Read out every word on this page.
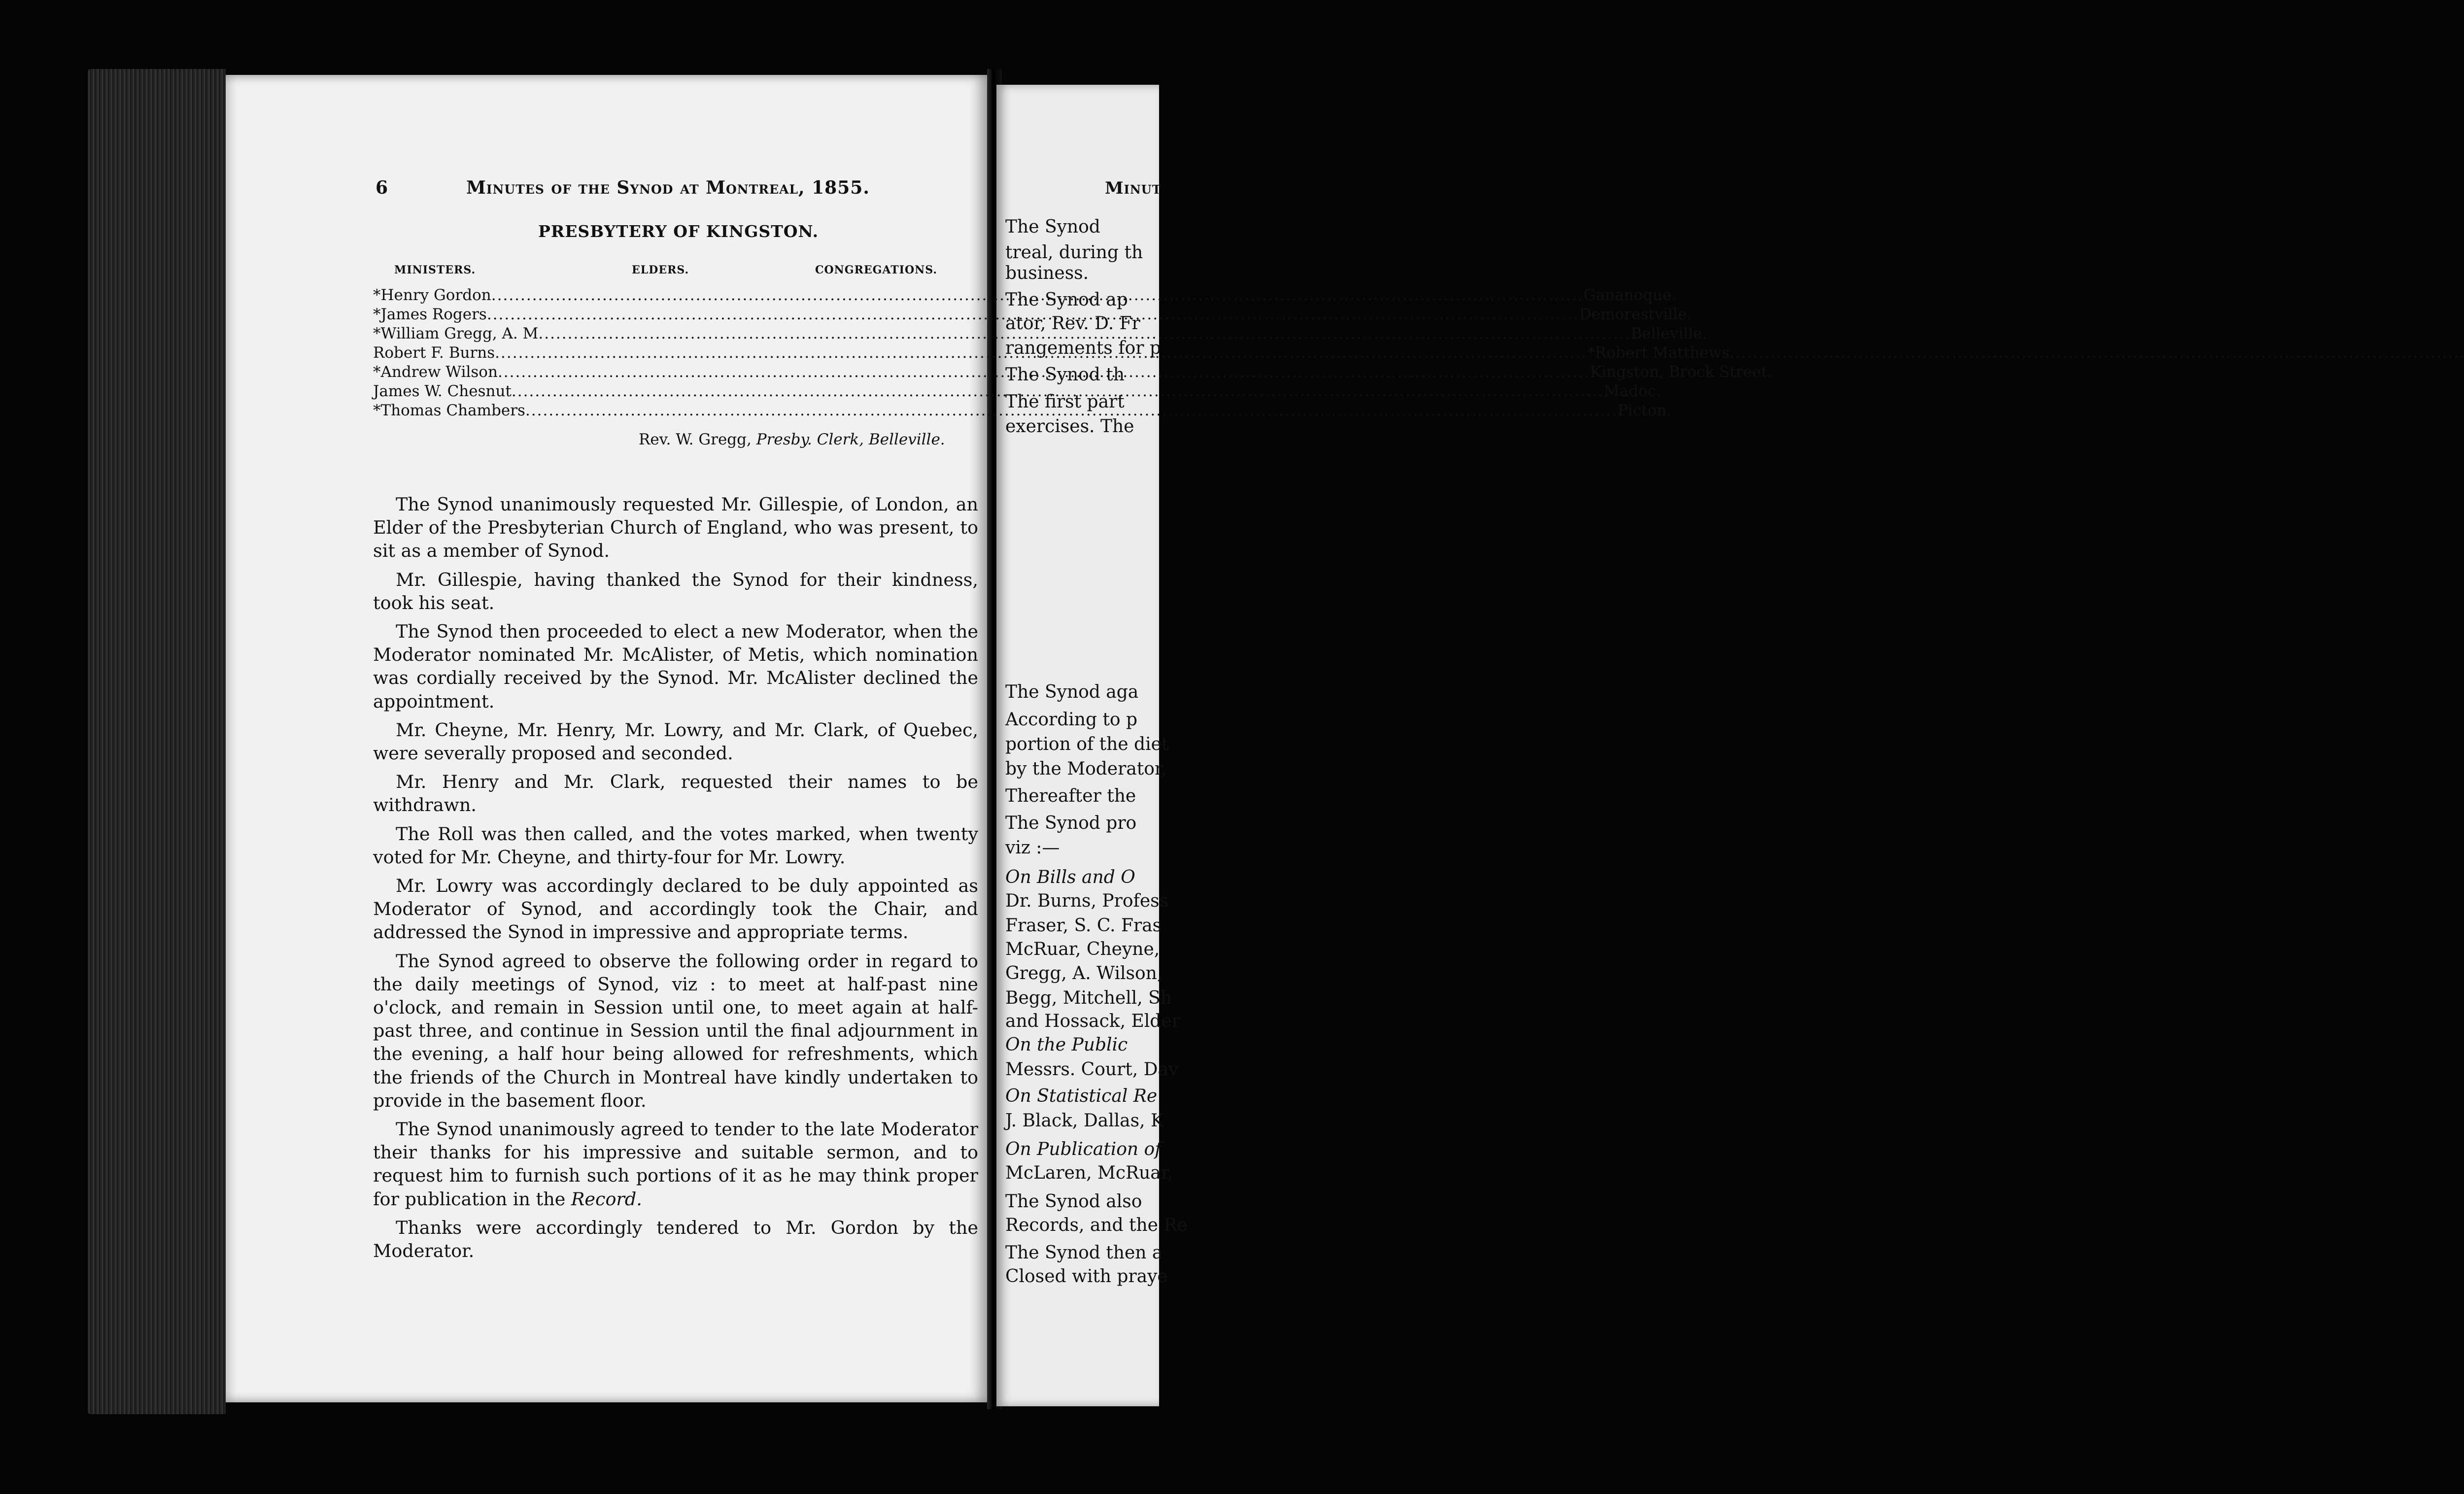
6	Minutes of the Synod at Montreal, 1855.
PRESBYTERY OF KINGSTON.
MINISTERS.	ELDERS.	CONGREGATIONS.
*Henry Gordon .....	Gananoque.
*James Rogers .....	Demorestville.
*William Gregg, A. M .....	Belleville.
Robert F. Burns .....	*Robert Matthews
.....
*Andrew Wilson .....	Kingston, Brock Street.
James W. Chesnut .....	Madoc.
*Thomas Chambers .....	Picton.
Rev. W. Gregg, Presby. Clerk, Belleville.

The Synod unanimously requested Mr. Gillespie, of London, an Elder of the Presbyterian Church of England, who was present, to sit as a member of Synod.

Mr. Gillespie, having thanked the Synod for their kindness, took his seat.

The Synod then proceeded to elect a new Moderator, when the Moderator nominated Mr. McAlister, of Metis, which nomination was cordially received by the Synod. Mr. McAlister declined the appointment.

Mr. Cheyne, Mr. Henry, Mr. Lowry, and Mr. Clark, of Quebec, were severally proposed and seconded.

Mr. Henry and Mr. Clark, requested their names to be withdrawn.

The Roll was then called, and the votes marked, when twenty voted for Mr. Cheyne, and thirty-four for Mr. Lowry.

Mr. Lowry was accordingly declared to be duly appointed as Moderator of Synod, and accordingly took the Chair, and addressed the Synod in impressive and appropriate terms.

The Synod agreed to observe the following order in regard to the daily meetings of Synod, viz : to meet at half-past nine o'clock, and remain in Session until one, to meet again at half-past three, and continue in Session until the final adjournment in the evening, a half hour being allowed for refreshments, which the friends of the Church in Montreal have kindly undertaken to provide in the basement floor.

The Synod unanimously agreed to tender to the late Moderator their thanks for his impressive and suitable sermon, and to request him to furnish such portions of it as he may think proper for publication in the Record.

Thanks were accordingly tendered to Mr. Gordon by the Moderator.

Minut
The Synod
treal, during th
business.
The Synod ap
ator, Rev. D. Fr
rangements for p
The Synod th
The first part
exercises. The
The Synod aga
According to p
portion of the diet
by the Moderator,
Thereafter the
The Synod pro
viz :—
On Bills and O
Dr. Burns, Profess
Fraser, S. C. Fras
McRuar, Cheyne,
Gregg, A. Wilson,
Begg, Mitchell, Sh
and Hossack, Elder
On the Public
Messrs. Court, Dav
On Statistical Re
J. Black, Dallas, K
On Publication of
McLaren, McRuar,
The Synod also
Records, and the Re
The Synod then a
Closed with praye
